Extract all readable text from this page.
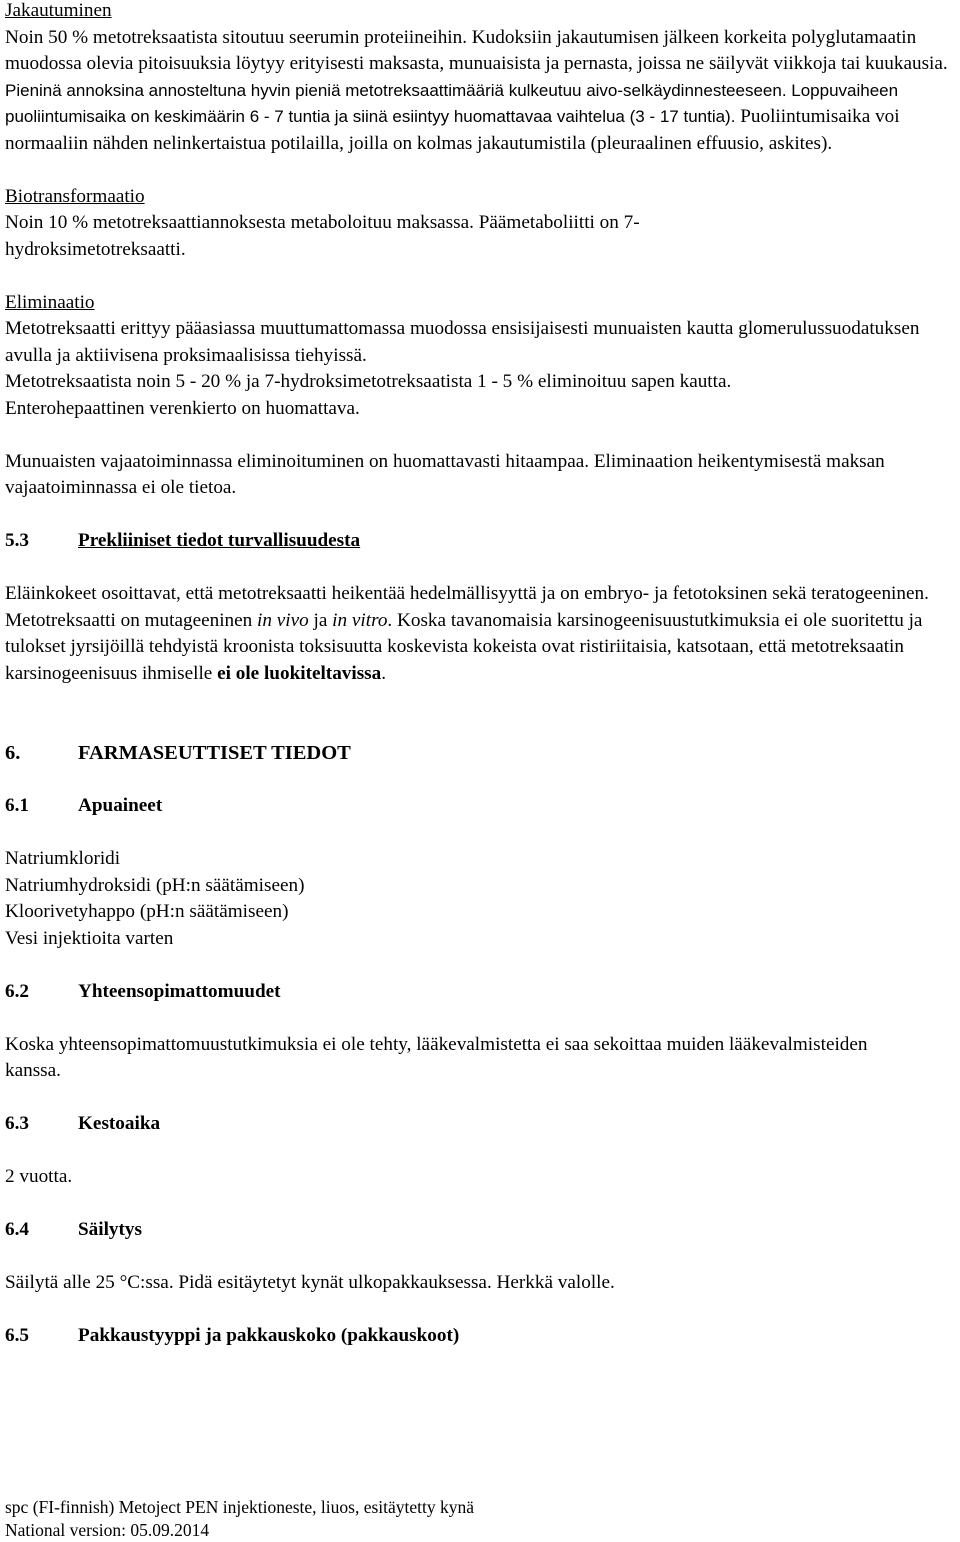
Jakautuminen

Noin 50 % metotreksaatista sitoutuu seerumin proteiineihin. Kudoksiin jakautumisen jälkeen korkeita polyglutamaatin muodossa olevia pitoisuuksia löytyy erityisesti maksasta, munuaisista ja pernasta, joissa ne säilyvät viikkoja tai kuukausia. Pieninä annoksina annosteltuna hyvin pieniä metotreksaattimääriä kulkeutuu aivo-selkäydinnesteeseen. Loppuvaiheen puoliintumisaika on keskimäärin 6 - 7 tuntia ja siinä esiintyy huomattavaa vaihtelua (3 - 17 tuntia). Puoliintumisaika voi normaaliin nähden nelinkertaistua potilailla, joilla on kolmas jakautumistila (pleuraalinen effuusio, askites).

Biotransformaatio

Noin 10 % metotreksaattiannoksesta metaboloituu maksassa. Päämetaboliitti on 7-hydroksimetotreksaatti.

Eliminaatio

Metotreksaatti erittyy pääasiassa muuttumattomassa muodossa ensisijaisesti munuaisten kautta glomerulussuodatuksen avulla ja aktiivisena proksimaalisissa tiehyissä.

Metotreksaatista noin 5 - 20 % ja 7-hydroksimetotreksaatista 1 - 5 % eliminoituu sapen kautta.

Enterohepaattinen verenkierto on huomattava.

Munuaisten vajaatoiminnassa eliminoituminen on huomattavasti hitaampaa. Eliminaation heikentymisestä maksan vajaatoiminnassa ei ole tietoa.

5.3	Prekliiniset tiedot turvallisuudesta

Eläinkokeet osoittavat, että metotreksaatti heikentää hedelmällisyyttä ja on embryo- ja fetotoksinen sekä teratogeeninen. Metotreksaatti on mutageeninen in vivo ja in vitro. Koska tavanomaisia karsinogeenisuustutkimuksia ei ole suoritettu ja tulokset jyrsijöillä tehdyistä kroonista toksisuutta koskevista kokeista ovat ristiriitaisia, katsotaan, että metotreksaatin karsinogeenisuus ihmiselle ei ole luokiteltavissa.

6.	FARMASEUTTISET TIEDOT

6.1	Apuaineet

Natriumkloridi

Natriumhydroksidi (pH:n säätämiseen)

Kloorivetyhappo (pH:n säätämiseen)

Vesi injektioita varten

6.2	Yhteensopimattomuudet

Koska yhteensopimattomuustutkimuksia ei ole tehty, lääkevalmistetta ei saa sekoittaa muiden lääkevalmisteiden kanssa.

6.3	Kestoaika

2 vuotta.

6.4	Säilytys

Säilytä alle 25 °C:ssa. Pidä esitäytetyt kynät ulkopakkauksessa. Herkkä valolle.

6.5	Pakkaustyyppi ja pakkauskoko (pakkauskoot)

spc (FI-finnish) Metoject PEN injektioneste, liuos, esitäytetty kynä
National version: 05.09.2014
